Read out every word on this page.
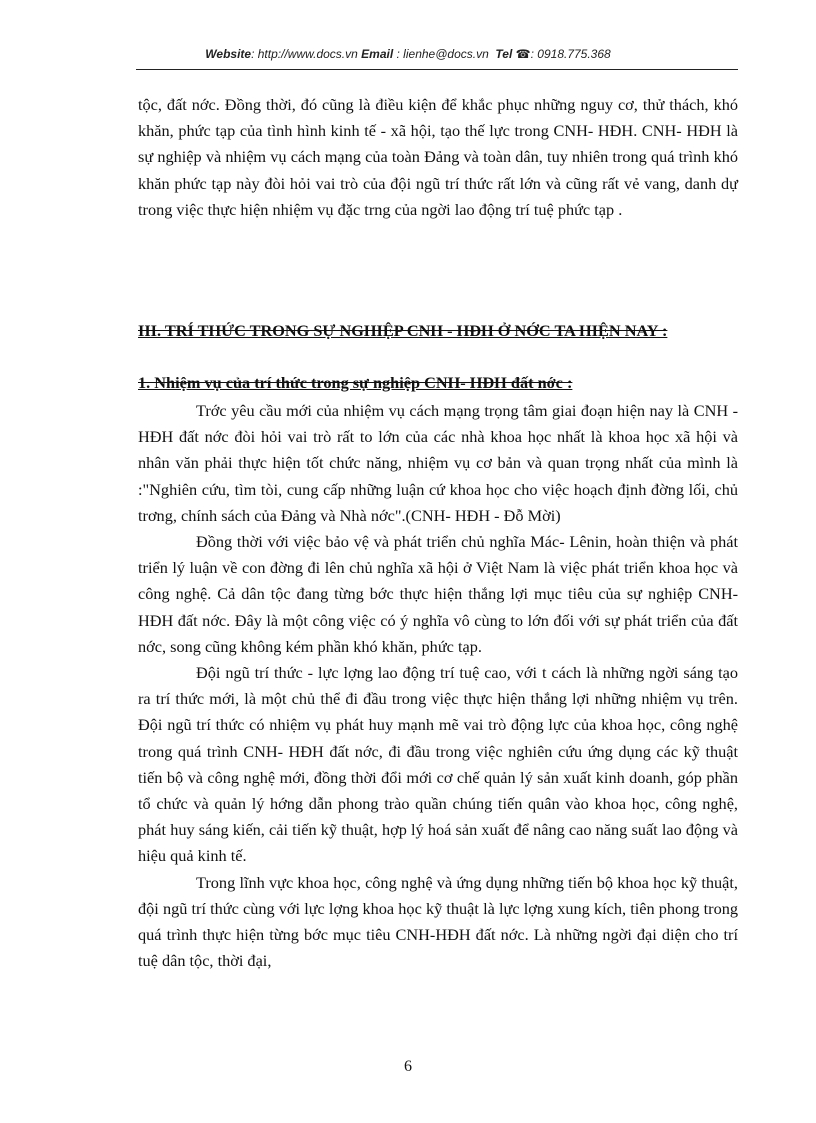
Website: http://www.docs.vn Email : lienhe@docs.vn Tel ☎: 0918.775.368

tộc, đất nớc. Đồng thời, đó cũng là điều kiện để khắc phục những nguy cơ, thử thách, khó khăn, phức tạp của tình hình kinh tế - xã hội, tạo thế lực trong CNH- HĐH. CNH- HĐH là sự nghiệp và nhiệm vụ cách mạng của toàn Đảng và toàn dân, tuy nhiên trong quá trình khó khăn phức tạp này đòi hỏi vai trò của đội ngũ trí thức rất lớn và cũng rất vẻ vang, danh dự trong việc thực hiện nhiệm vụ đặc trng của ngời lao động trí tuệ phức tạp .

III. TRÍ THỨC TRONG SỰ NGHIỆP CNH - HĐH Ở NỚC TA HIỆN NAY :
1. Nhiệm vụ của trí thức trong sự nghiệp CNH- HĐH đất nớc :

Trớc yêu cầu mới của nhiệm vụ cách mạng trọng tâm giai đoạn hiện nay là CNH - HĐH đất nớc đòi hỏi vai trò rất to lớn của các nhà khoa học nhất là khoa học xã hội và nhân văn phải thực hiện tốt chức năng, nhiệm vụ cơ bản và quan trọng nhất của mình là :"Nghiên cứu, tìm tòi, cung cấp những luận cứ khoa học cho việc hoạch định đờng lối, chủ trơng, chính sách của Đảng và Nhà nớc".(CNH- HĐH - Đỗ Mời)

Đồng thời với việc bảo vệ và phát triển chủ nghĩa Mác- Lênin, hoàn thiện và phát triển lý luận về con đờng đi lên chủ nghĩa xã hội ở Việt Nam là việc phát triển khoa học và công nghệ. Cả dân tộc đang từng bớc thực hiện thắng lợi mục tiêu của sự nghiệp CNH- HĐH đất nớc. Đây là một công việc có ý nghĩa vô cùng to lớn đối với sự phát triển của đất nớc, song cũng không kém phần khó khăn, phức tạp.

Đội ngũ trí thức - lực lợng lao động trí tuệ cao, với t cách là những ngời sáng tạo ra trí thức mới, là một chủ thể đi đầu trong việc thực hiện thắng lợi những nhiệm vụ trên. Đội ngũ trí thức có nhiệm vụ phát huy mạnh mẽ vai trò động lực của khoa học, công nghệ trong quá trình CNH- HĐH đất nớc, đi đầu trong việc nghiên cứu ứng dụng các kỹ thuật tiến bộ và công nghệ mới, đồng thời đổi mới cơ chế quản lý sản xuất kinh doanh, góp phần tổ chức và quản lý hớng dẫn phong trào quần chúng tiến quân vào khoa học, công nghệ, phát huy sáng kiến, cải tiến kỹ thuật, hợp lý hoá sản xuất để nâng cao năng suất lao động và hiệu quả kinh tế.

Trong lĩnh vực khoa học, công nghệ và ứng dụng những tiến bộ khoa học kỹ thuật, đội ngũ trí thức cùng với lực lợng khoa học kỹ thuật là lực lợng xung kích, tiên phong trong quá trình thực hiện từng bớc mục tiêu CNH-HĐH đất nớc. Là những ngời đại diện cho trí tuệ dân tộc, thời đại,

6
